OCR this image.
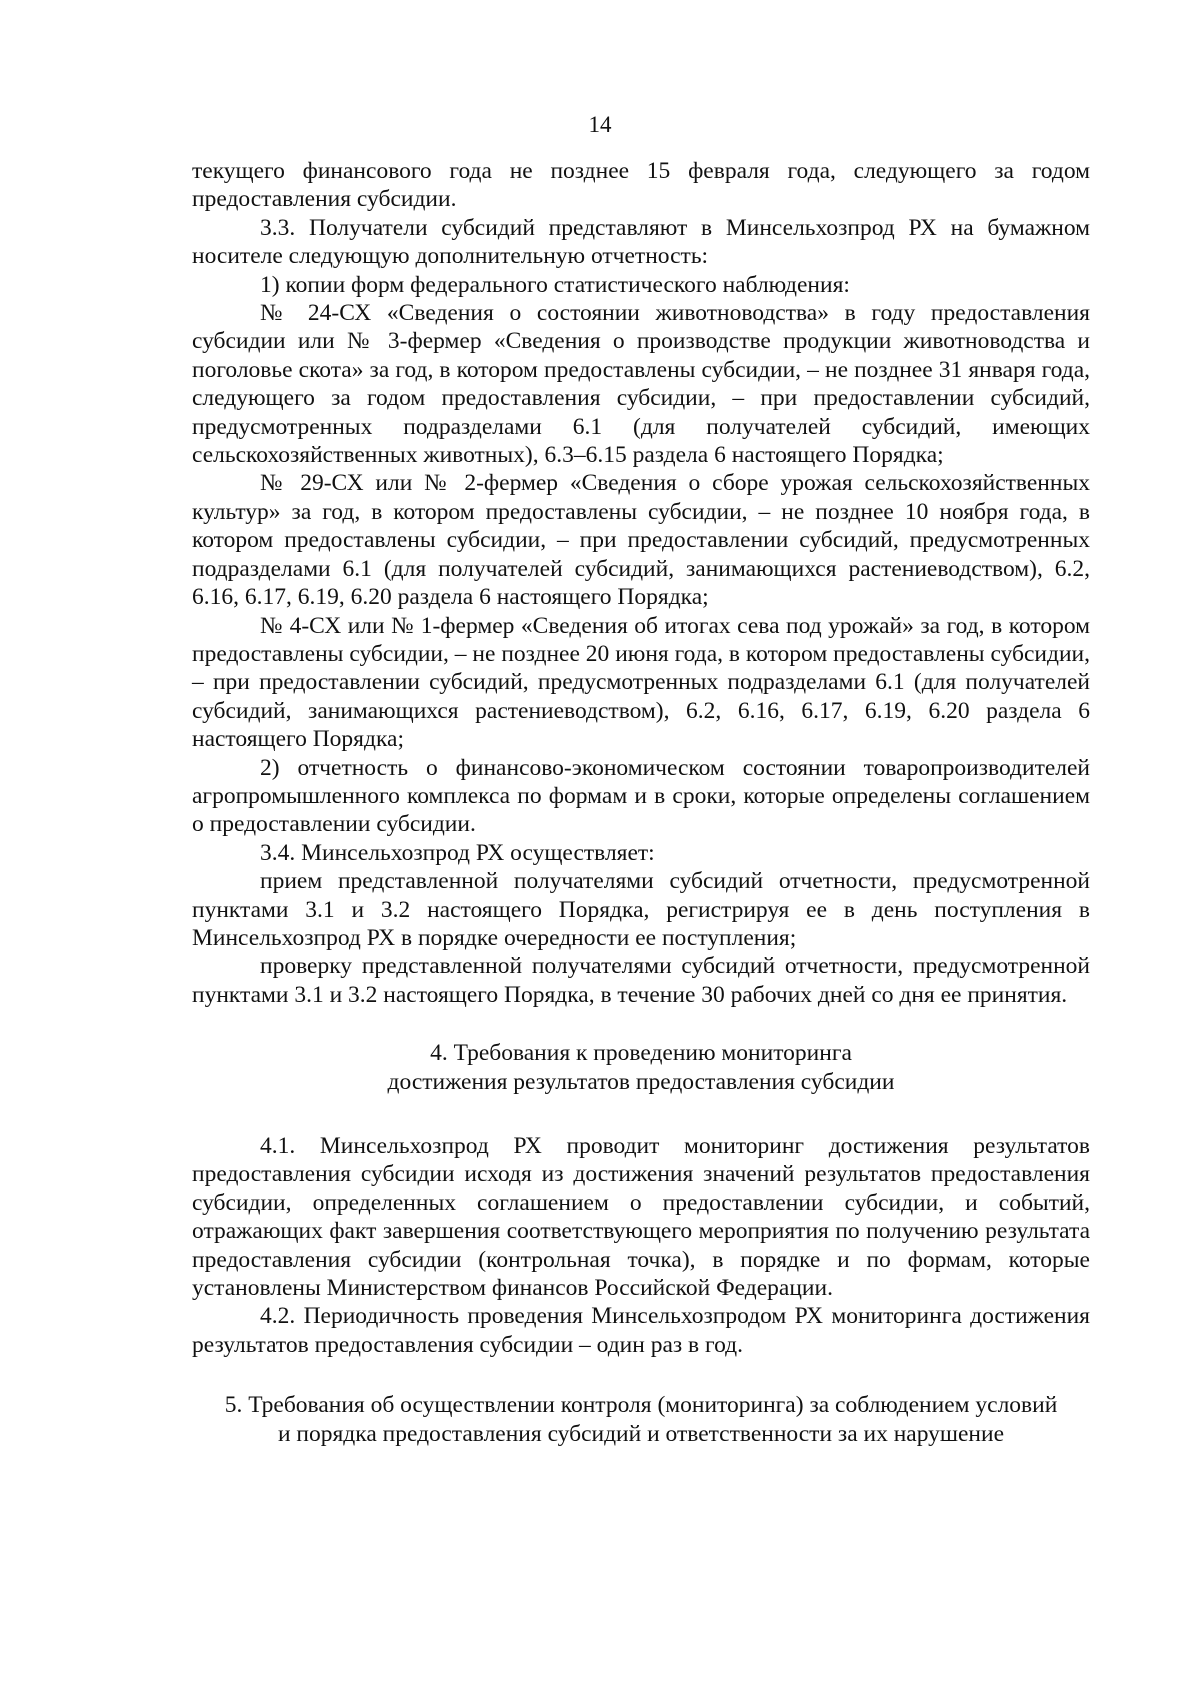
14

текущего финансового года не позднее 15 февраля года, следующего за годом предоставления субсидии.

3.3. Получатели субсидий представляют в Минсельхозпрод РХ на бумажном носителе следующую дополнительную отчетность:

1) копии форм федерального статистического наблюдения:

№ 24-СХ «Сведения о состоянии животноводства» в году предоставления субсидии или № 3-фермер «Сведения о производстве продукции животноводства и поголовье скота» за год, в котором предоставлены субсидии, – не позднее 31 января года, следующего за годом предоставления субсидии, – при предоставлении субсидий, предусмотренных подразделами 6.1 (для получателей субсидий, имеющих сельскохозяйственных животных), 6.3–6.15 раздела 6 настоящего Порядка;

№ 29-СХ или № 2-фермер «Сведения о сборе урожая сельскохозяйственных культур» за год, в котором предоставлены субсидии, – не позднее 10 ноября года, в котором предоставлены субсидии, – при предоставлении субсидий, предусмотренных подразделами 6.1 (для получателей субсидий, занимающихся растениеводством), 6.2, 6.16, 6.17, 6.19, 6.20 раздела 6 настоящего Порядка;

№ 4-СХ или № 1-фермер «Сведения об итогах сева под урожай» за год, в котором предоставлены субсидии, – не позднее 20 июня года, в котором предоставлены субсидии, – при предоставлении субсидий, предусмотренных подразделами 6.1 (для получателей субсидий, занимающихся растениеводством), 6.2, 6.16, 6.17, 6.19, 6.20 раздела 6 настоящего Порядка;

2) отчетность о финансово-экономическом состоянии товаропроизводителей агропромышленного комплекса по формам и в сроки, которые определены соглашением о предоставлении субсидии.

3.4. Минсельхозпрод РХ осуществляет:

прием представленной получателями субсидий отчетности, предусмотренной пунктами 3.1 и 3.2 настоящего Порядка, регистрируя ее в день поступления в Минсельхозпрод РХ в порядке очередности ее поступления;

проверку представленной получателями субсидий отчетности, предусмотренной пунктами 3.1 и 3.2 настоящего Порядка, в течение 30 рабочих дней со дня ее принятия.

4. Требования к проведению мониторинга

достижения результатов предоставления субсидии

4.1. Минсельхозпрод РХ проводит мониторинг достижения результатов предоставления субсидии исходя из достижения значений результатов предоставления субсидии, определенных соглашением о предоставлении субсидии, и событий, отражающих факт завершения соответствующего мероприятия по получению результата предоставления субсидии (контрольная точка), в порядке и по формам, которые установлены Министерством финансов Российской Федерации.

4.2. Периодичность проведения Минсельхозпродом РХ мониторинга достижения результатов предоставления субсидии – один раз в год.

5. Требования об осуществлении контроля (мониторинга) за соблюдением условий

и порядка предоставления субсидий и ответственности за их нарушение
